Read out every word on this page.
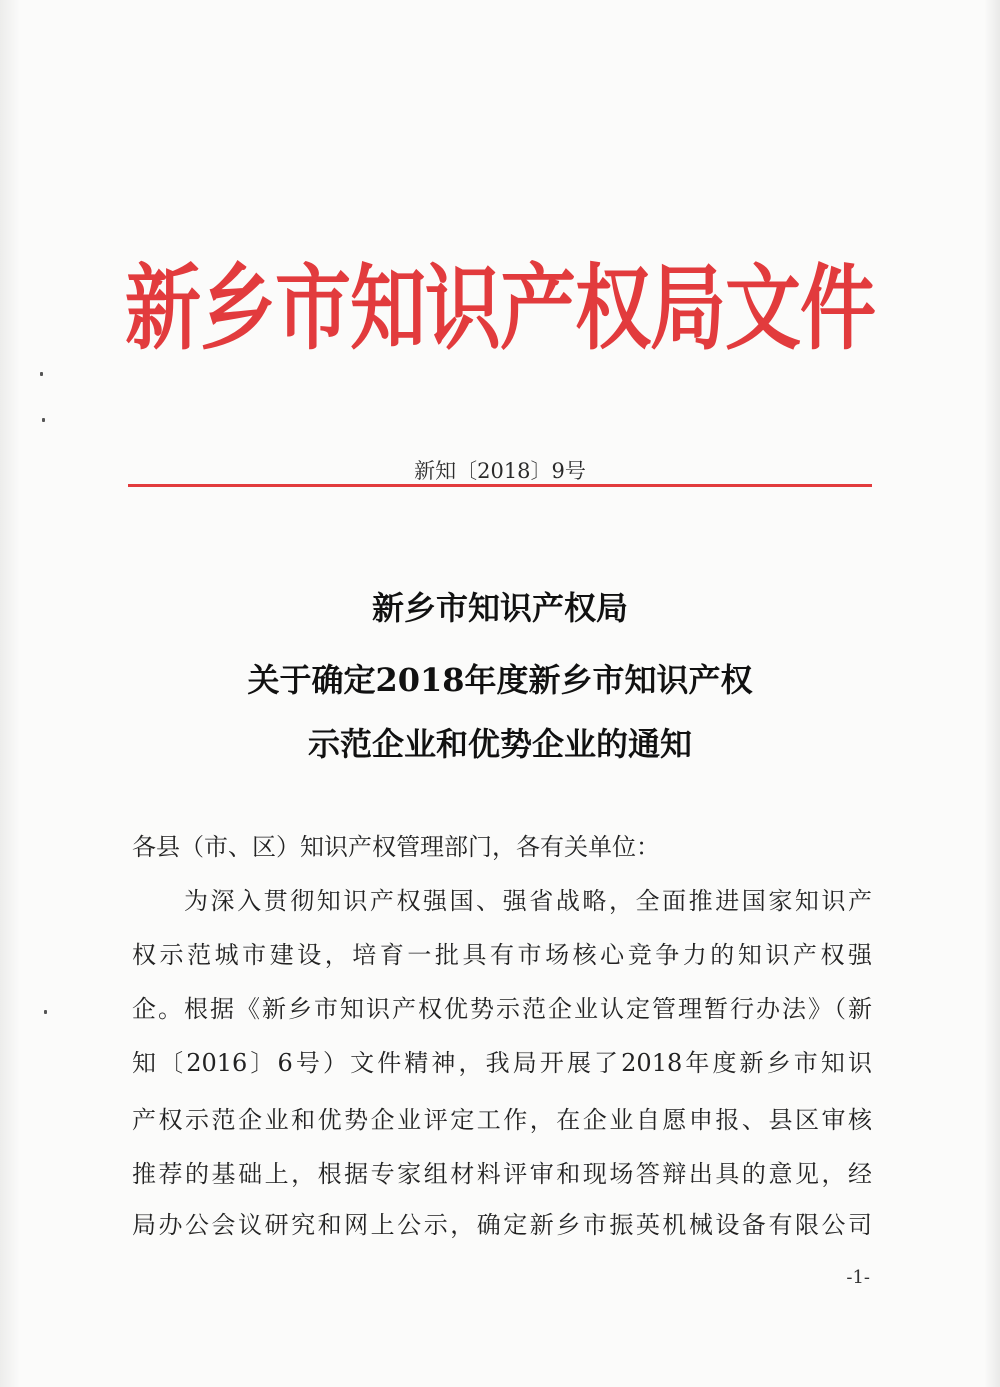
新乡市知识产权局文件
新知〔2018〕9号
新乡市知识产权局
关于确定2018年度新乡市知识产权
示范企业和优势企业的通知
各县（市、区）知识产权管理部门，各有关单位：
为深入贯彻知识产权强国、强省战略，全面推进国家知识产
权示范城市建设，培育一批具有市场核心竞争力的知识产权强
企。根据《新乡市知识产权优势示范企业认定管理暂行办法》（新
知〔2016〕6号）文件精神，我局开展了2018年度新乡市知识
产权示范企业和优势企业评定工作，在企业自愿申报、县区审核
推荐的基础上，根据专家组材料评审和现场答辩出具的意见，经
局办公会议研究和网上公示，确定新乡市振英机械设备有限公司
-1-
